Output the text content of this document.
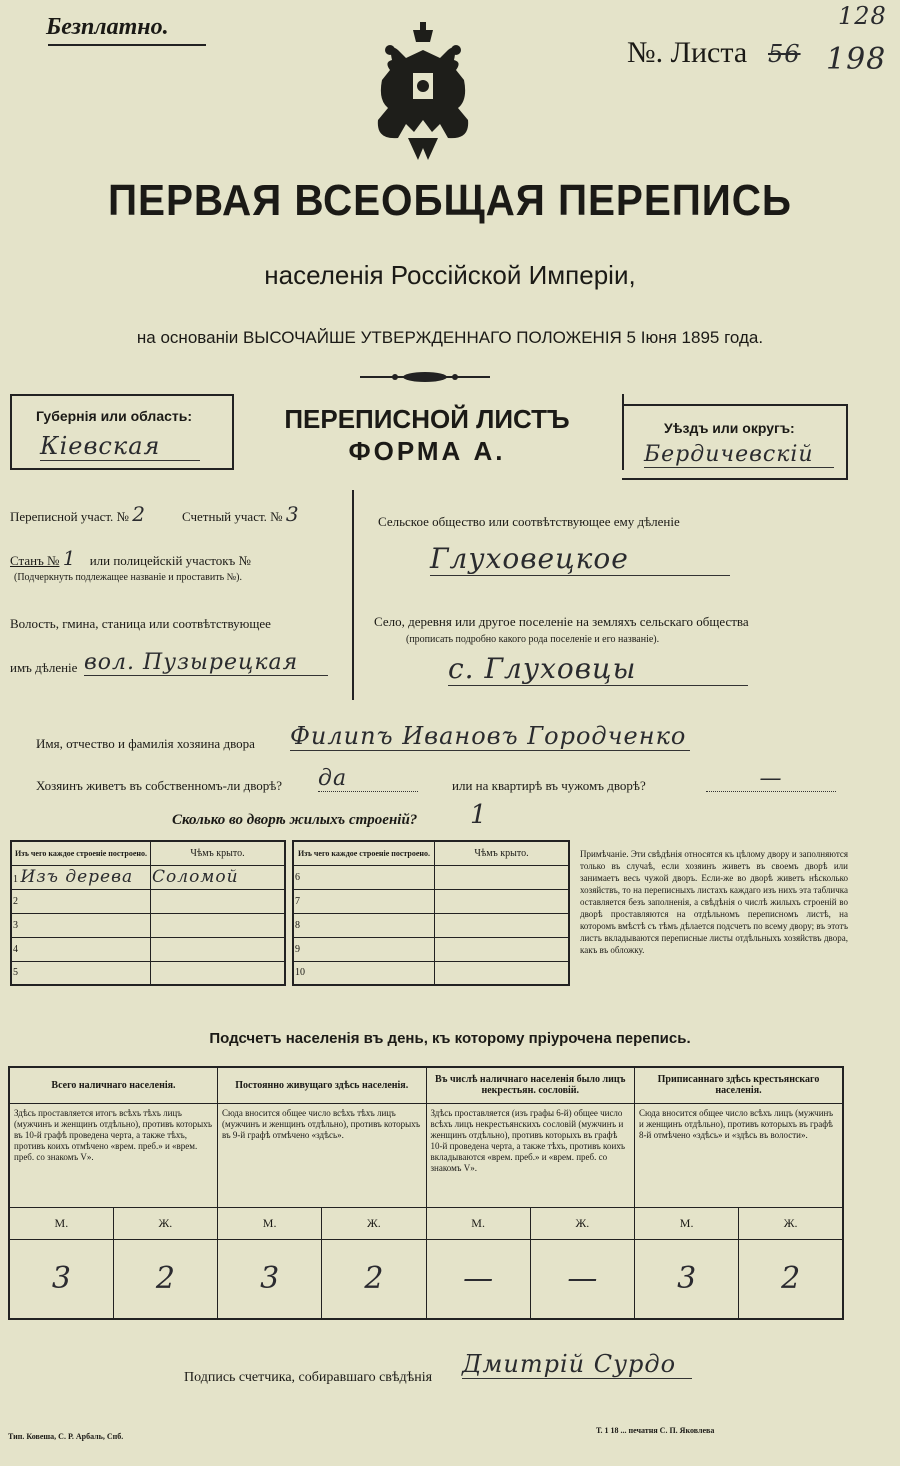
Безплатно.
№. Листа 56
128
198
ПЕРВАЯ ВСЕОБЩАЯ ПЕРЕПИСЬ
населенія Россійской Имперіи,
на основаніи ВЫСОЧАЙШЕ УТВЕРЖДЕННАГО ПОЛОЖЕНІЯ 5 Іюня 1895 года.
Губернія или область:
Кіевская
ПЕРЕПИСНОЙ ЛИСТЪ
ФОРМА А.
Уѣздъ или округъ:
Бердичевскій
Переписной участ. № 2	Счетный участ. № 3
Станъ № 1 или полицейскій участокъ №
(Подчеркнуть подлежащее названіе и проставить №).
Волость, гмина, станица или соотвѣтствующее
имъ дѣленіе вол. Пузырецкая
Сельское общество или соотвѣтствующее ему дѣленіе
Глуховецкое
Село, деревня или другое поселеніе на земляхъ сельскаго общества
(прописать подробно какого рода поселеніе и его названіе).
с. Глуховцы
Имя, отчество и фамилія хозяина двора Филипъ Ивановъ Городченко
Хозяинъ живетъ въ собственномъ-ли дворѣ? да	или на квартирѣ въ чужомъ дворѣ?	—
Сколько во дворѣ жилыхъ строеній? 1
Изъ чего каждое строеніе построено.	Чѣмъ крыто.
1 Изъ дерева	Соломой
2	
3	
4	
5	
Изъ чего каждое строеніе построено.	Чѣмъ крыто.
6	
7	
8	
9	
10	
Примѣчаніе. Эти свѣдѣнія относятся къ цѣлому двору и заполняются только въ случаѣ, если хозяинъ живетъ въ своемъ дворѣ или занимаетъ весь чужой дворъ. Если-же во дворѣ живетъ нѣсколько хозяйствъ, то на переписныхъ листахъ каждаго изъ нихъ эта табличка оставляется безъ заполненія, а свѣдѣнія о числѣ жилыхъ строеній во дворѣ проставляются на отдѣльномъ переписномъ листѣ, на которомъ вмѣстѣ съ тѣмъ дѣлается подсчетъ по всему двору; въ этотъ листъ вкладываются переписные листы отдѣльныхъ хозяйствъ двора, какъ въ обложку.
Подсчетъ населенія въ день, къ которому пріурочена перепись.
Всего наличнаго населенія.		Постоянно живущаго здѣсь населенія.		Въ числѣ наличнаго населенія было лицъ некрестьян. сословій.		Приписаннаго здѣсь крестьянскаго населенія.	
Здѣсь проставляется итогъ всѣхъ тѣхъ лицъ (мужчинъ и женщинъ отдѣльно), противъ которыхъ въ 10-й графѣ проведена черта, а также тѣхъ, противъ коихъ отмѣчено «врем. преб.» и «врем. преб. со знакомъ V».		Сюда вносится общее число всѣхъ тѣхъ лицъ (мужчинъ и женщинъ отдѣльно), противъ которыхъ въ 9-й графѣ отмѣчено «здѣсь».		Здѣсь проставляется (изъ графы 6-й) общее число всѣхъ лицъ некрестьянскихъ сословій (мужчинъ и женщинъ отдѣльно), противъ которыхъ въ графѣ 10-й проведена черта, а также тѣхъ, противъ коихъ вкладываются «врем. преб.» и «врем. преб. со знакомъ V».		Сюда вносится общее число всѣхъ лицъ (мужчинъ и женщинъ отдѣльно), противъ которыхъ въ графѣ 8-й отмѣчено «здѣсь» и «здѣсь въ волости».	
М.	Ж.	М.	Ж.	М.	Ж.	М.	Ж.
3	2	3	2	—	—	3	2
Подпись счетчика, собиравшаго свѣдѣнія Дмитрій Сурдо
Тип. Ковеша, С. Р. Арбаль, Спб.
Т. 1 18 ... печатня С. П. Яковлева
